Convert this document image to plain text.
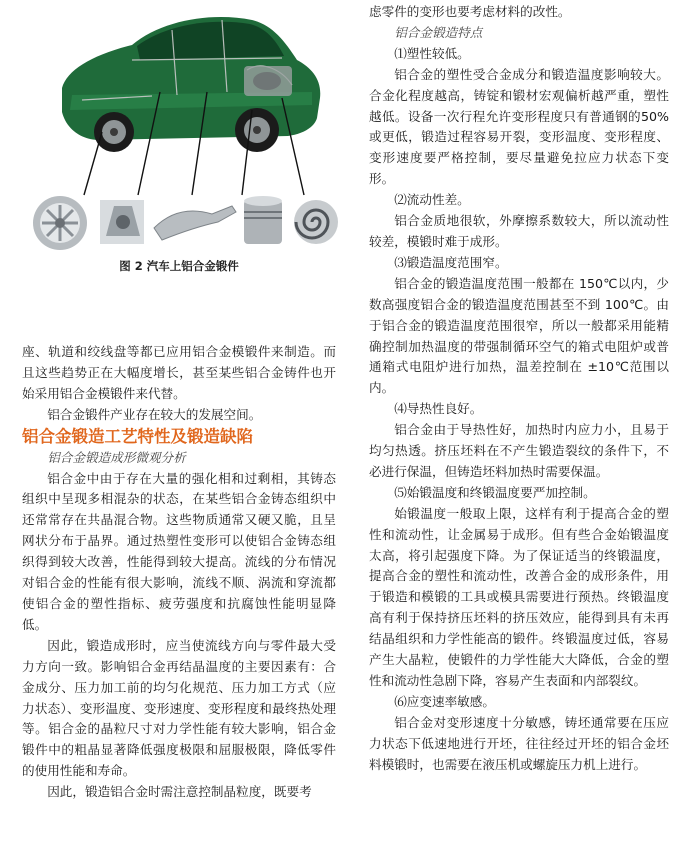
图 2 汽车上铝合金锻件

座、轨道和绞线盘等都已应用铝合金模锻件来制造。而且这些趋势正在大幅度增长，甚至某些铝合金铸件也开始采用铝合金模锻件来代替。

铝合金锻件产业存在较大的发展空间。

铝合金锻造工艺特性及锻造缺陷

铝合金锻造成形微观分析

铝合金中由于存在大量的强化相和过剩相，其铸态组织中呈现多相混杂的状态，在某些铝合金铸态组织中还常常存在共晶混合物。这些物质通常又硬又脆，且呈网状分布于晶界。通过热塑性变形可以使铝合金铸态组织得到较大改善，性能得到较大提高。流线的分布情况对铝合金的性能有很大影响，流线不顺、涡流和穿流都使铝合金的塑性指标、疲劳强度和抗腐蚀性能明显降低。

因此，锻造成形时，应当使流线方向与零件最大受力方向一致。影响铝合金再结晶温度的主要因素有：合金成分、压力加工前的均匀化规范、压力加工方式（应力状态）、变形温度、变形速度、变形程度和最终热处理等。铝合金的晶粒尺寸对力学性能有较大影响，铝合金锻件中的粗晶显著降低强度极限和屈服极限，降低零件的使用性能和寿命。

因此，锻造铝合金时需注意控制晶粒度，既要考

虑零件的变形也要考虑材料的改性。

铝合金锻造特点

⑴塑性较低。

铝合金的塑性受合金成分和锻造温度影响较大。合金化程度越高，铸锭和锻材宏观偏析越严重，塑性越低。设备一次行程允许变形程度只有普通钢的50%或更低，锻造过程容易开裂，变形温度、变形程度、变形速度要严格控制，要尽量避免拉应力状态下变形。

⑵流动性差。

铝合金质地很软，外摩擦系数较大，所以流动性较差，模锻时难于成形。

⑶锻造温度范围窄。

铝合金的锻造温度范围一般都在 150℃以内，少数高强度铝合金的锻造温度范围甚至不到 100℃。由于铝合金的锻造温度范围很窄，所以一般都采用能精确控制加热温度的带强制循环空气的箱式电阻炉或普通箱式电阻炉进行加热，温差控制在 ±10℃范围以内。

⑷导热性良好。

铝合金由于导热性好，加热时内应力小，且易于均匀热透。挤压坯料在不产生锻造裂纹的条件下，不必进行保温，但铸造坯料加热时需要保温。

⑸始锻温度和终锻温度要严加控制。

始锻温度一般取上限，这样有利于提高合金的塑性和流动性，让金属易于成形。但有些合金始锻温度太高，将引起强度下降。为了保证适当的终锻温度，提高合金的塑性和流动性，改善合金的成形条件，用于锻造和模锻的工具或模具需要进行预热。终锻温度高有利于保持挤压坯料的挤压效应，能得到具有未再结晶组织和力学性能高的锻件。终锻温度过低，容易产生大晶粒，使锻件的力学性能大大降低，合金的塑性和流动性急剧下降，容易产生表面和内部裂纹。

⑹应变速率敏感。

铝合金对变形速度十分敏感，铸坯通常要在压应力状态下低速地进行开坯，往往经过开坯的铝合金坯料模锻时，也需要在液压机或螺旋压力机上进行。
